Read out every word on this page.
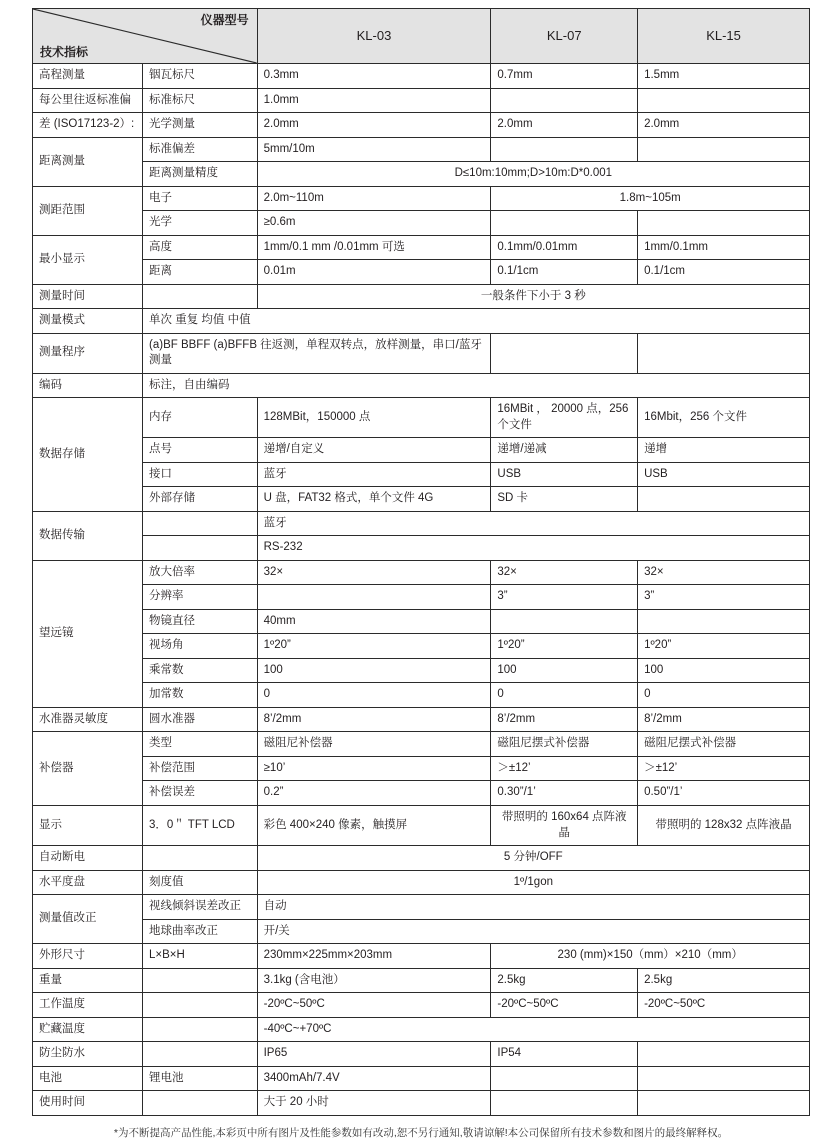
仪器型号
技术指标		KL-03	KL-07	KL-15
高程测量	铟瓦标尺	0.3mm	0.7mm	1.5mm
每公里往返标准偏	标准标尺	1.0mm		
差 (ISO17123-2）:	光学测量	2.0mm	2.0mm	2.0mm
距离测量	标准偏差	5mm/10m		
	距离测量精度	D≤10m:10mm;D>10m:D*0.001		
测距范围	电子	2.0m~110m	1.8m~105m	
	光学	≥0.6m		
最小显示	高度	1mm/0.1 mm /0.01mm 可选	0.1mm/0.01mm	1mm/0.1mm
	距离	0.01m	0.1/1cm	0.1/1cm
测量时间		一般条件下小于 3 秒		
测量模式	单次 重复 均值 中值			
测量程序	(a)BF BBFF (a)BFFB 往返测，单程双转点，放样测量，串口/蓝牙测量			
编码	标注，自由编码			
数据存储	内存	128MBit，150000 点	16MBit ， 20000 点，256 个文件	16Mbit，256 个文件
	点号	递增/自定义	递增/递减	递增
	接口	蓝牙	USB	USB
	外部存储	U 盘，FAT32 格式，单个文件 4G	SD 卡	
数据传输		蓝牙		
		RS-232		
望远镜	放大倍率	32×	32×	32×
	分辨率		3”	3”
	物镜直径	40mm		
	视场角	1º20”	1º20”	1º20”
	乘常数	100	100	100
	加常数	0	0	0
水准器灵敏度	圆水准器	8’/2mm	8’/2mm	8’/2mm
补偿器	类型	磁阻尼补偿器	磁阻尼摆式补偿器	磁阻尼摆式补偿器
	补偿范围	≥10’	＞±12’	＞±12’
	补偿误差	0.2”	0.30”/1’	0.50”/1’
显示	3．0＂ TFT LCD	彩色 400×240 像素，触摸屏	带照明的 160x64 点阵液晶	带照明的 128x32 点阵液晶
自动断电		5 分钟/OFF		
水平度盘	刻度值	1º/1gon		
测量值改正	视线倾斜误差改正	自动		
	地球曲率改正	开/关		
外形尺寸	L×B×H	230mm×225mm×203mm	230 (mm)×150（mm）×210（mm）	
重量		3.1kg (含电池）	2.5kg	2.5kg
工作温度		-20ºC~50ºC	-20ºC~50ºC	-20ºC~50ºC
贮藏温度		-40ºC~+70ºC		
防尘防水		IP65	IP54	
电池	锂电池	3400mAh/7.4V		
使用时间		大于 20 小时		
*为不断提高产品性能,本彩页中所有图片及性能参数如有改动,恕不另行通知,敬请谅解!本公司保留所有技术参数和图片的最终解释权。
